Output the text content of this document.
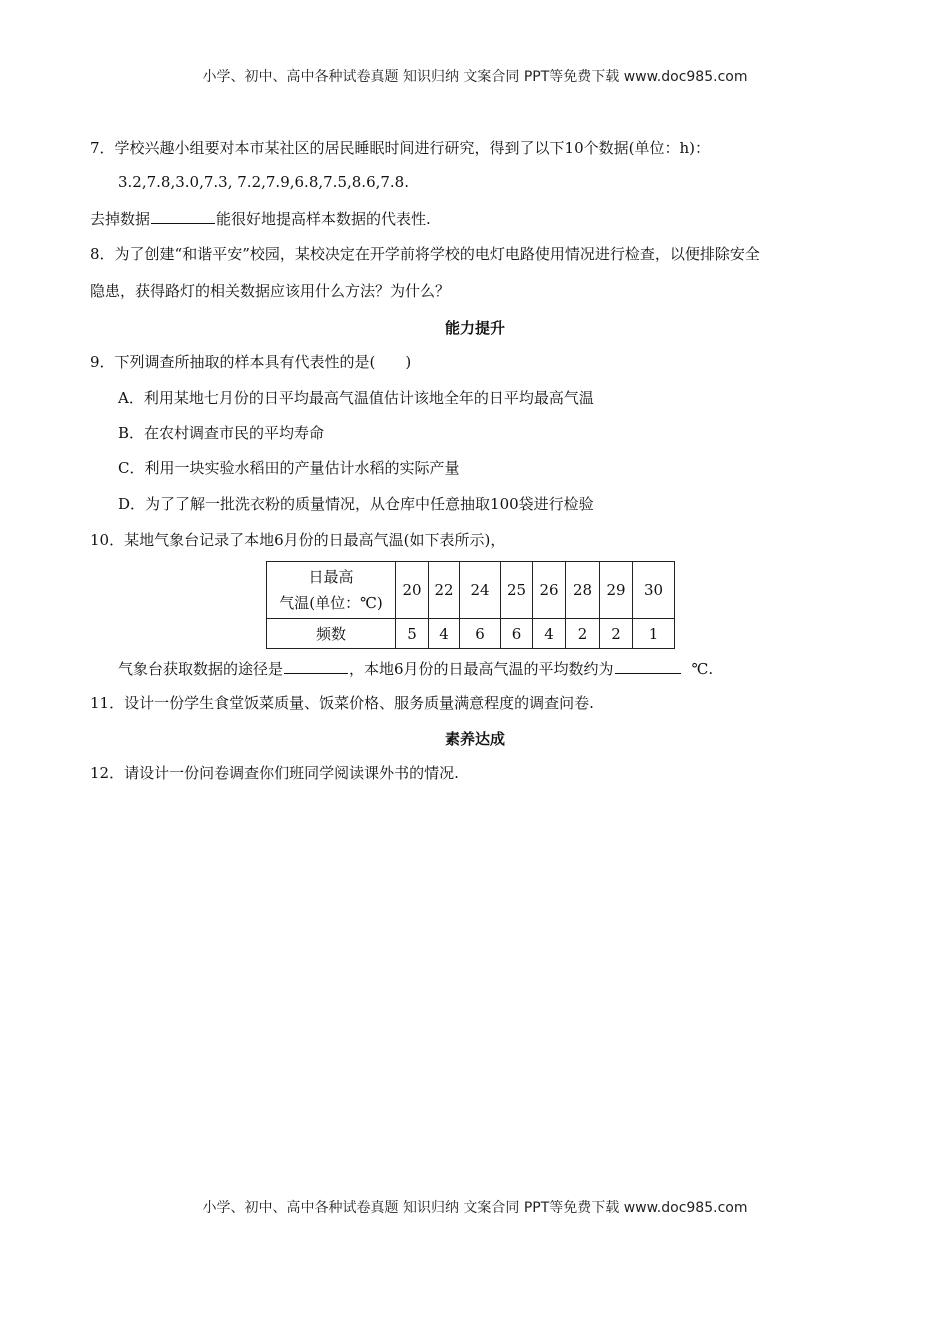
小学、初中、高中各种试卷真题 知识归纳 文案合同 PPT等免费下载 www.doc985.com
7．学校兴趣小组要对本市某社区的居民睡眠时间进行研究，得到了以下10个数据(单位：h)：
3.2,7.8,3.0,7.3, 7.2,7.9,6.8,7.5,8.6,7.8.
去掉数据	能很好地提高样本数据的代表性.
8．为了创建“和谐平安”校园，某校决定在开学前将学校的电灯电路使用情况进行检查，以便排除安全
隐患，获得路灯的相关数据应该用什么方法？为什么？
能力提升
9．下列调查所抽取的样本具有代表性的是(　　)
A．利用某地七月份的日平均最高气温值估计该地全年的日平均最高气温
B．在农村调查市民的平均寿命
C．利用一块实验水稻田的产量估计水稻的实际产量
D．为了了解一批洗衣粉的质量情况，从仓库中任意抽取100袋进行检验
10．某地气象台记录了本地6月份的日最高气温(如下表所示)，
日最高
气温(单位：℃)	20	22	24	25	26	28	29	30
频数	5	4	6	6	4	2	2	1
气象台获取数据的途径是	，本地6月份的日最高气温的平均数约为	℃.
11．设计一份学生食堂饭菜质量、饭菜价格、服务质量满意程度的调查问卷.
素养达成
12．请设计一份问卷调查你们班同学阅读课外书的情况.
小学、初中、高中各种试卷真题 知识归纳 文案合同 PPT等免费下载 www.doc985.com
